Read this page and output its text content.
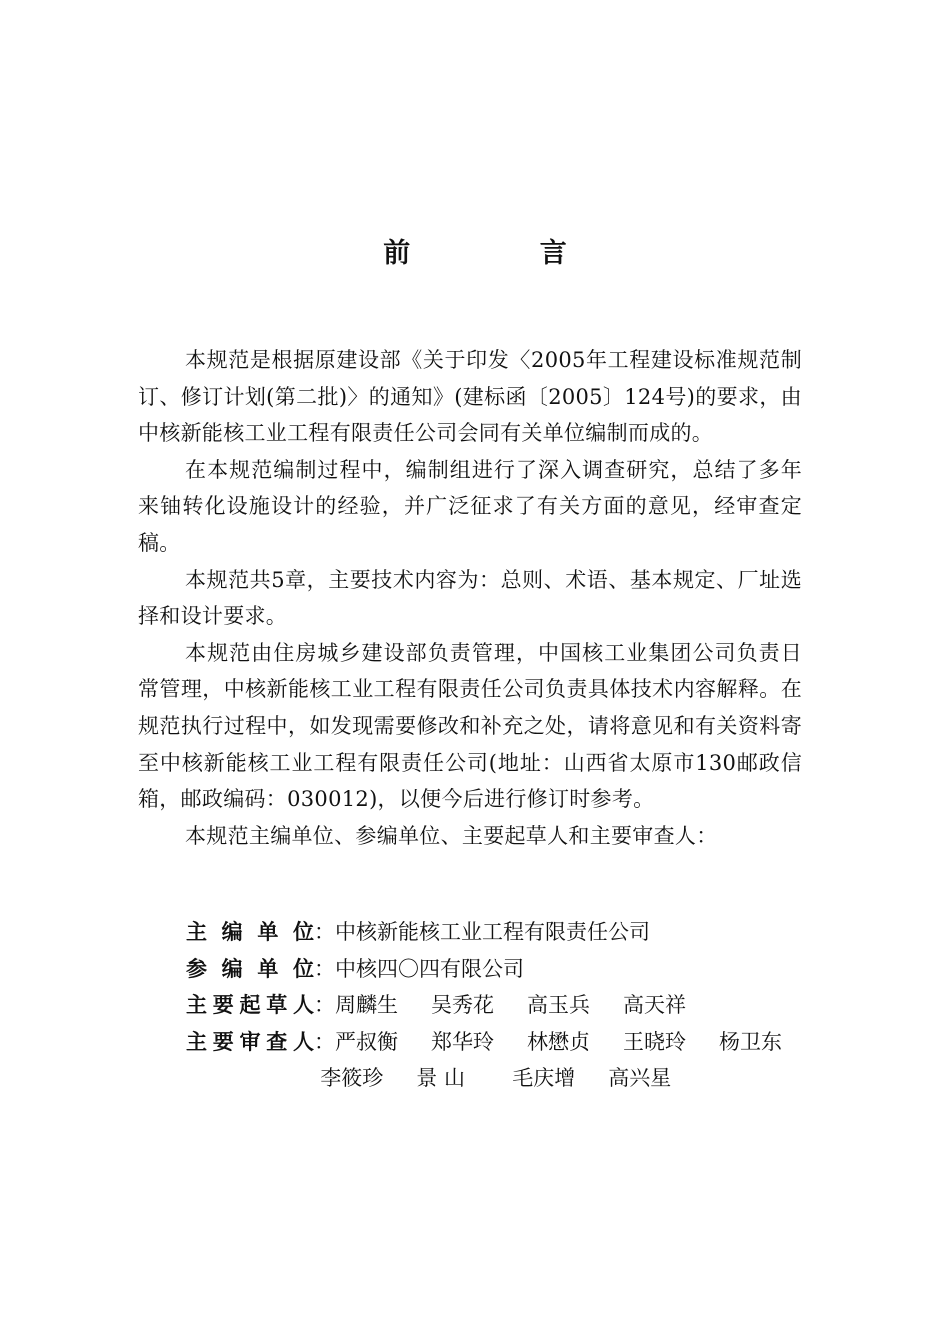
前 言

本规范是根据原建设部《关于印发〈2005年工程建设标准规范制订、修订计划(第二批)〉的通知》(建标函〔2005〕124号)的要求，由中核新能核工业工程有限责任公司会同有关单位编制而成的。

在本规范编制过程中，编制组进行了深入调查研究，总结了多年来铀转化设施设计的经验，并广泛征求了有关方面的意见，经审查定稿。

本规范共5章，主要技术内容为：总则、术语、基本规定、厂址选择和设计要求。

本规范由住房城乡建设部负责管理，中国核工业集团公司负责日常管理，中核新能核工业工程有限责任公司负责具体技术内容解释。在规范执行过程中，如发现需要修改和补充之处，请将意见和有关资料寄至中核新能核工业工程有限责任公司(地址：山西省太原市130邮政信箱，邮政编码：030012)，以便今后进行修订时参考。

本规范主编单位、参编单位、主要起草人和主要审查人：

主编单位 ： 中核新能核工业工程有限责任公司
参编单位 ： 中核四〇四有限公司
主要起草人 ： 周麟生	吴秀花	高玉兵	高天祥
主要审查人 ： 严叔衡	郑华玲	林懋贞	王晓玲	杨卫东
李筱珍	景 山	毛庆增	高兴星
